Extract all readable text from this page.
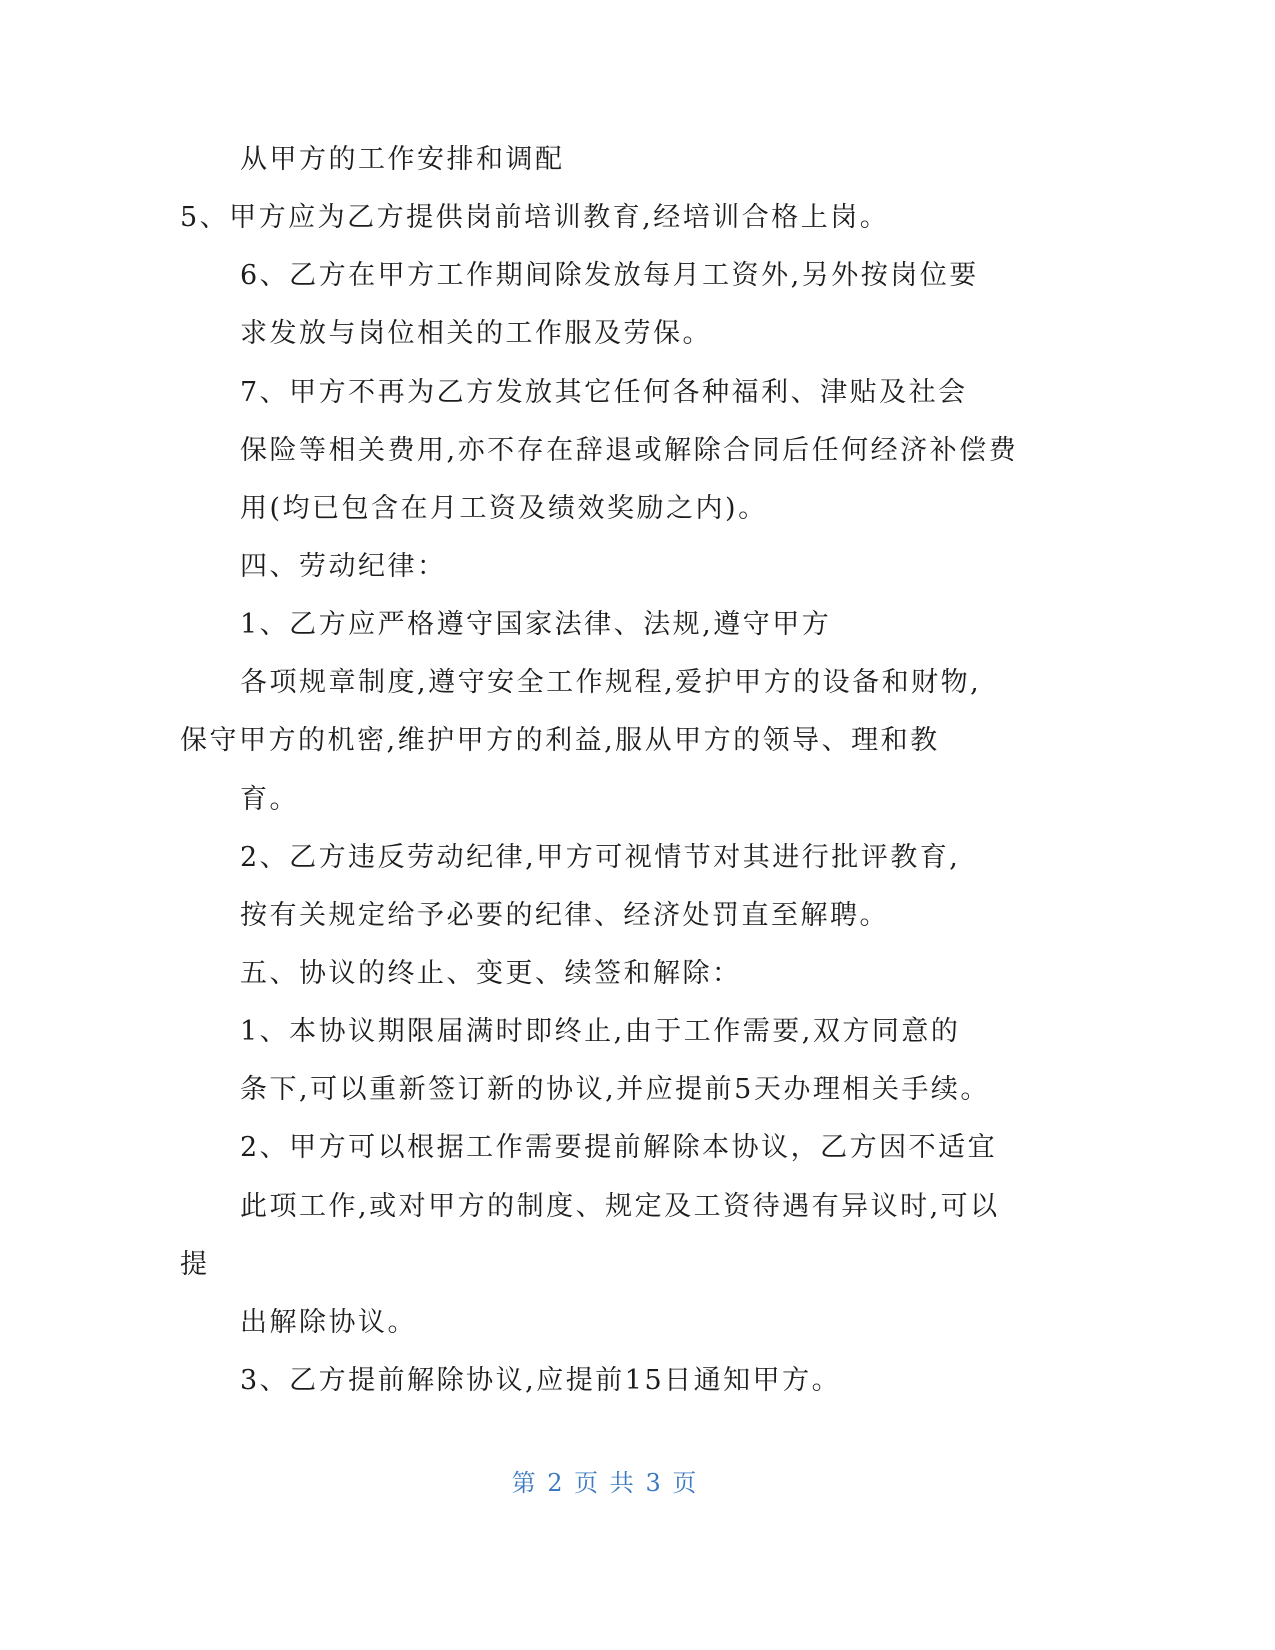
从甲方的工作安排和调配
5、甲方应为乙方提供岗前培训教育,经培训合格上岗。
6、乙方在甲方工作期间除发放每月工资外,另外按岗位要
求发放与岗位相关的工作服及劳保。
7、甲方不再为乙方发放其它任何各种福利、津贴及社会
保险等相关费用,亦不存在辞退或解除合同后任何经济补偿费
用(均已包含在月工资及绩效奖励之内)。
四、劳动纪律：
1、乙方应严格遵守国家法律、法规,遵守甲方
各项规章制度,遵守安全工作规程,爱护甲方的设备和财物,
保守甲方的机密,维护甲方的利益,服从甲方的领导、理和教
育。
2、乙方违反劳动纪律,甲方可视情节对其进行批评教育,
按有关规定给予必要的纪律、经济处罚直至解聘。
五、协议的终止、变更、续签和解除：
1、本协议期限届满时即终止,由于工作需要,双方同意的
条下,可以重新签订新的协议,并应提前5天办理相关手续。
2、甲方可以根据工作需要提前解除本协议，乙方因不适宜
此项工作,或对甲方的制度、规定及工资待遇有异议时,可以
提
出解除协议。
3、乙方提前解除协议,应提前15日通知甲方。
第 2 页 共 3 页
